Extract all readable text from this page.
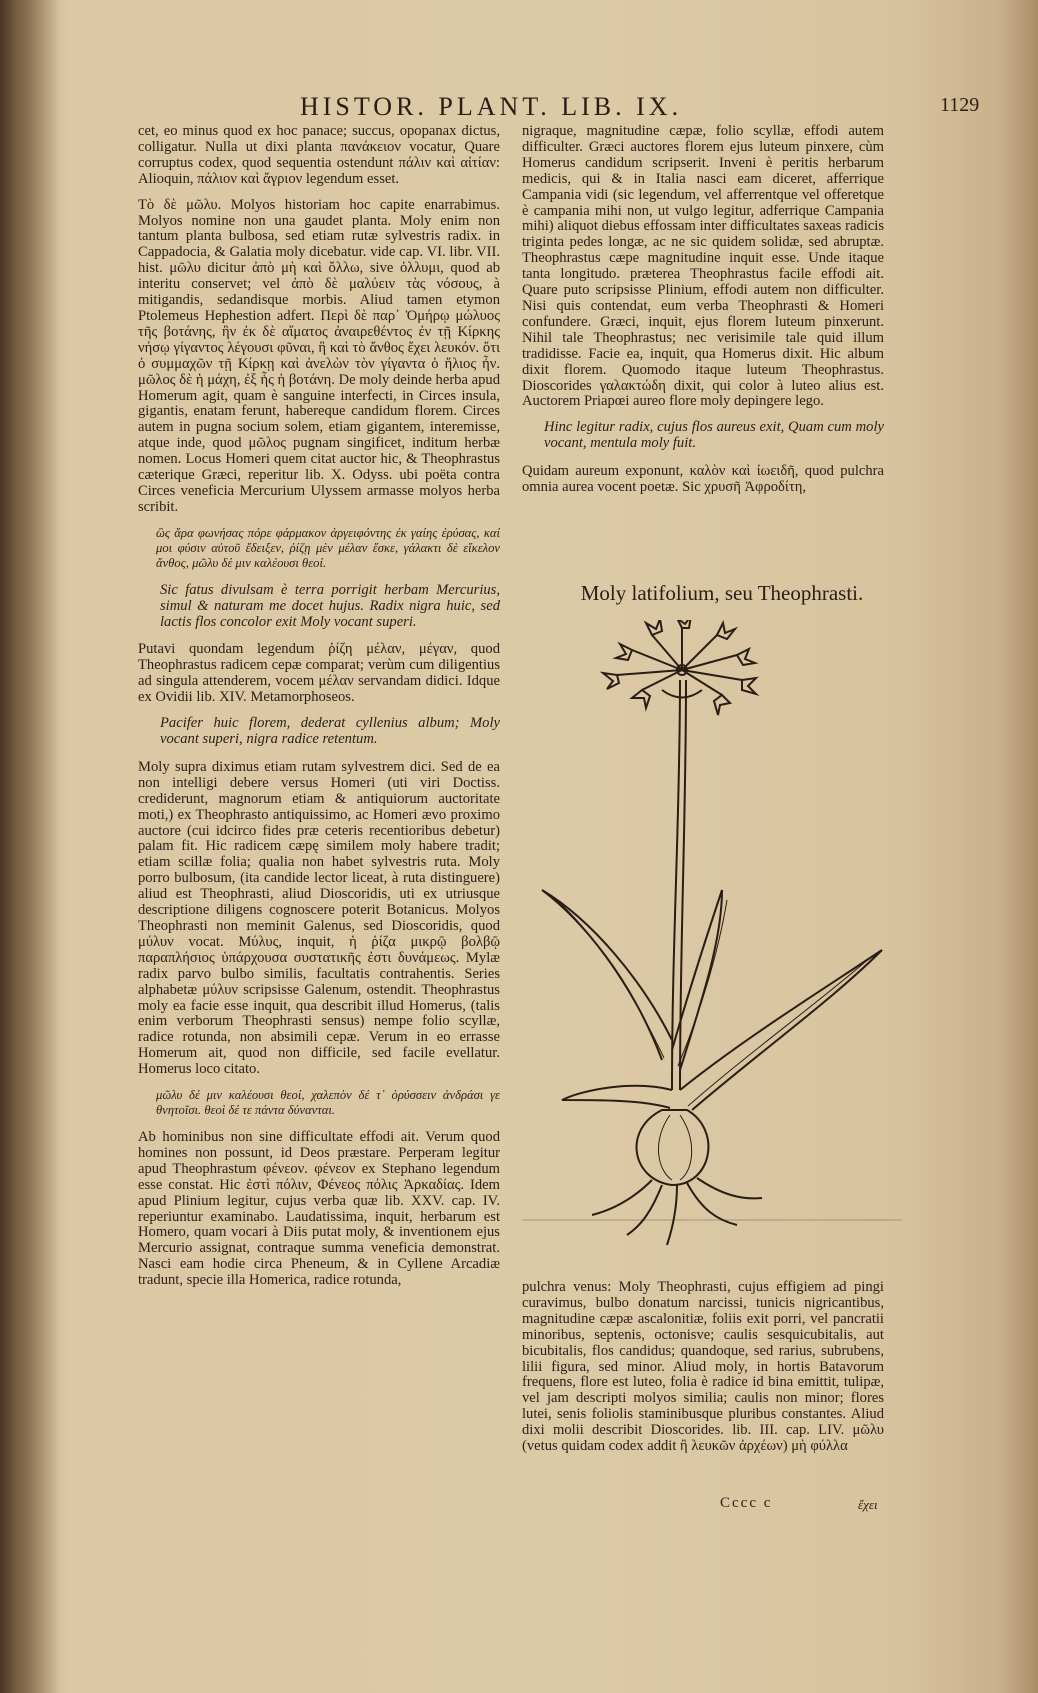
HISTOR. PLANT. LIB. IX.	1129

cet, eo minus quod ex hoc panace; succus, opopanax dictus, colligatur. Nulla ut dixi planta πανάκειον vocatur, Quare corruptus codex, quod sequentia ostendunt πάλιν καὶ αἰτίαν: Alioquin, πάλιον καὶ ἄγριον legendum esset.

Τὸ δὲ μῶλυ. Molyos historiam hoc capite enarrabimus. Molyos nomine non una gaudet planta. Moly enim non tantum planta bulbosa, sed etiam rutæ sylvestris radix. in Cappadocia, & Galatia moly dicebatur. vide cap. VI. libr. VII. hist. μῶλυ dicitur ἀπὸ μὴ καὶ ὄλλω, sive ὀλλυμι, quod ab interitu conservet; vel ἀπὸ δὲ μαλύειν τὰς νόσους, à mitigandis, sedandisque morbis. Aliud tamen etymon Ptolemeus Hephestion adfert. Περὶ δὲ παρ᾽ Ὁμήρῳ μώλυος τῆς βοτάνης, ἣν ἐκ δὲ αἵματος ἀναιρεθέντος ἐν τῇ Κίρκης νήσῳ γίγαντος λέγουσι φῦναι, ἣ καὶ τὸ ἄνθος ἔχει λευκόν. ὅτι ὁ συμμαχῶν τῇ Κίρκῃ καὶ ἀνελὼν τὸν γίγαντα ὁ ἥλιος ἦν. μῶλος δὲ ἡ μάχη, ἐξ ἧς ἡ βοτάνη. De moly deinde herba apud Homerum agit, quam è sanguine interfecti, in Circes insula, gigantis, enatam ferunt, habereque candidum florem. Circes autem in pugna socium solem, etiam gigantem, interemisse, atque inde, quod μῶλος pugnam singificet, inditum herbæ nomen. Locus Homeri quem citat auctor hic, & Theophrastus cæterique Græci, reperitur lib. X. Odyss. ubi poëta contra Circes veneficia Mercurium Ulyssem armasse molyos herba scribit.

ὣς ἄρα φωνήσας πόρε φάρμακον ἀργειφόντης ἐκ γαίης ἐρύσας, καί μοι φύσιν αὐτοῦ ἔδειξεν, ῥίζῃ μὲν μέλαν ἔσκε, γάλακτι δὲ εἴκελον ἄνθος, μῶλυ δέ μιν καλέουσι θεοί.

Sic fatus divulsam è terra porrigit herbam Mercurius, simul & naturam me docet hujus. Radix nigra huic, sed lactis flos concolor exit Moly vocant superi.

Putavi quondam legendum ῥίζη μέλαν, μέγαν, quod Theophrastus radicem cepæ comparat; verùm cum diligentius ad singula attenderem, vocem μέλαν servandam didici. Idque ex Ovidii lib. XIV. Metamorphoseos.

Pacifer huic florem, dederat cyllenius album; Moly vocant superi, nigra radice retentum.

Moly supra diximus etiam rutam sylvestrem dici. Sed de ea non intelligi debere versus Homeri (uti viri Doctiss. crediderunt, magnorum etiam & antiquiorum auctoritate moti,) ex Theophrasto antiquissimo, ac Homeri ævo proximo auctore (cui idcirco fides præ ceteris recentioribus debetur) palam fit. Hic radicem cæpę similem moly habere tradit; etiam scillæ folia; qualia non habet sylvestris ruta. Moly porro bulbosum, (ita candide lector liceat, à ruta distinguere) aliud est Theophrasti, aliud Dioscoridis, uti ex utriusque descriptione diligens cognoscere poterit Botanicus. Molyos Theophrasti non meminit Galenus, sed Dioscoridis, quod μύλυν vocat. Μύλυς, inquit, ἡ ῥίζα μικρῷ βολβῷ παραπλήσιος ὑπάρχουσα συστατικῆς ἐστι δυνάμεως. Mylæ radix parvo bulbo similis, facultatis contrahentis. Series alphabetæ μύλυν scripsisse Galenum, ostendit. Theophrastus moly ea facie esse inquit, qua describit illud Homerus, (talis enim verborum Theophrasti sensus) nempe folio scyllæ, radice rotunda, non absimili cepæ. Verum in eo errasse Homerum ait, quod non difficile, sed facile evellatur. Homerus loco citato.

μῶλυ δέ μιν καλέουσι θεοί, χαλεπὸν δέ τ᾽ ὀρύσσειν ἀνδράσι γε θνητοῖσι. θεοὶ δέ τε πάντα δύνανται.

Ab hominibus non sine difficultate effodi ait. Verum quod homines non possunt, id Deos præstare. Perperam legitur apud Theophrastum φένεον. φένεον ex Stephano legendum esse constat. Hic ἐστὶ πόλιν, Φένεος πόλις Ἀρκαδίας. Idem apud Plinium legitur, cujus verba quæ lib. XXV. cap. IV. reperiuntur examinabo. Laudatissima, inquit, herbarum est Homero, quam vocari à Diis putat moly, & inventionem ejus Mercurio assignat, contraque summa veneficia demonstrat. Nasci eam hodie circa Pheneum, & in Cyllene Arcadiæ tradunt, specie illa Homerica, radice rotunda,

nigraque, magnitudine cæpæ, folio scyllæ, effodi autem difficulter. Græci auctores florem ejus luteum pinxere, cùm Homerus candidum scripserit. Inveni è peritis herbarum medicis, qui & in Italia nasci eam diceret, afferrique Campania vidi (sic legendum, vel afferrentque vel offeretque è campania mihi non, ut vulgo legitur, adferrique Campania mihi) aliquot diebus effossam inter difficultates saxeas radicis triginta pedes longæ, ac ne sic quidem solidæ, sed abruptæ. Theophrastus cæpe magnitudine inquit esse. Unde itaque tanta longitudo. præterea Theophrastus facile effodi ait. Quare puto scripsisse Plinium, effodi autem non difficulter. Nisi quis contendat, eum verba Theophrasti & Homeri confundere. Græci, inquit, ejus florem luteum pinxerunt. Nihil tale Theophrastus; nec verisimile tale quid illum tradidisse. Facie ea, inquit, qua Homerus dixit. Hic album dixit florem. Quomodo itaque luteum Theophrastus. Dioscorides γαλακτώδη dixit, qui color à luteo alius est. Auctorem Priapœi aureo flore moly depingere lego.

Hinc legitur radix, cujus flos aureus exit, Quam cum moly vocant, mentula moly fuit.

Quidam aureum exponunt, καλὸν καὶ ἰωειδῆ, quod pulchra omnia aurea vocent poetæ. Sic χρυσῆ Ἀφροδίτη,

Moly latifolium, seu Theophrasti.

pulchra venus: Moly Theophrasti, cujus effigiem ad pingi curavimus, bulbo donatum narcissi, tunicis nigricantibus, magnitudine cæpæ ascalonitiæ, foliis exit porri, vel pancratii minoribus, septenis, octonisve; caulis sesquicubitalis, aut bicubitalis, flos candidus; quandoque, sed rarius, subrubens, lilii figura, sed minor. Aliud moly, in hortis Batavorum frequens, flore est luteo, folia è radice id bina emittit, tulipæ, vel jam descripti molyos similia; caulis non minor; flores lutei, senis foliolis staminibusque pluribus constantes. Aliud dixi molii describit Dioscorides. lib. III. cap. LIV. μῶλυ (vetus quidam codex addit ἢ λευκῶν ἀρχέων) μὴ φύλλα

Cccc c	ἔχει
